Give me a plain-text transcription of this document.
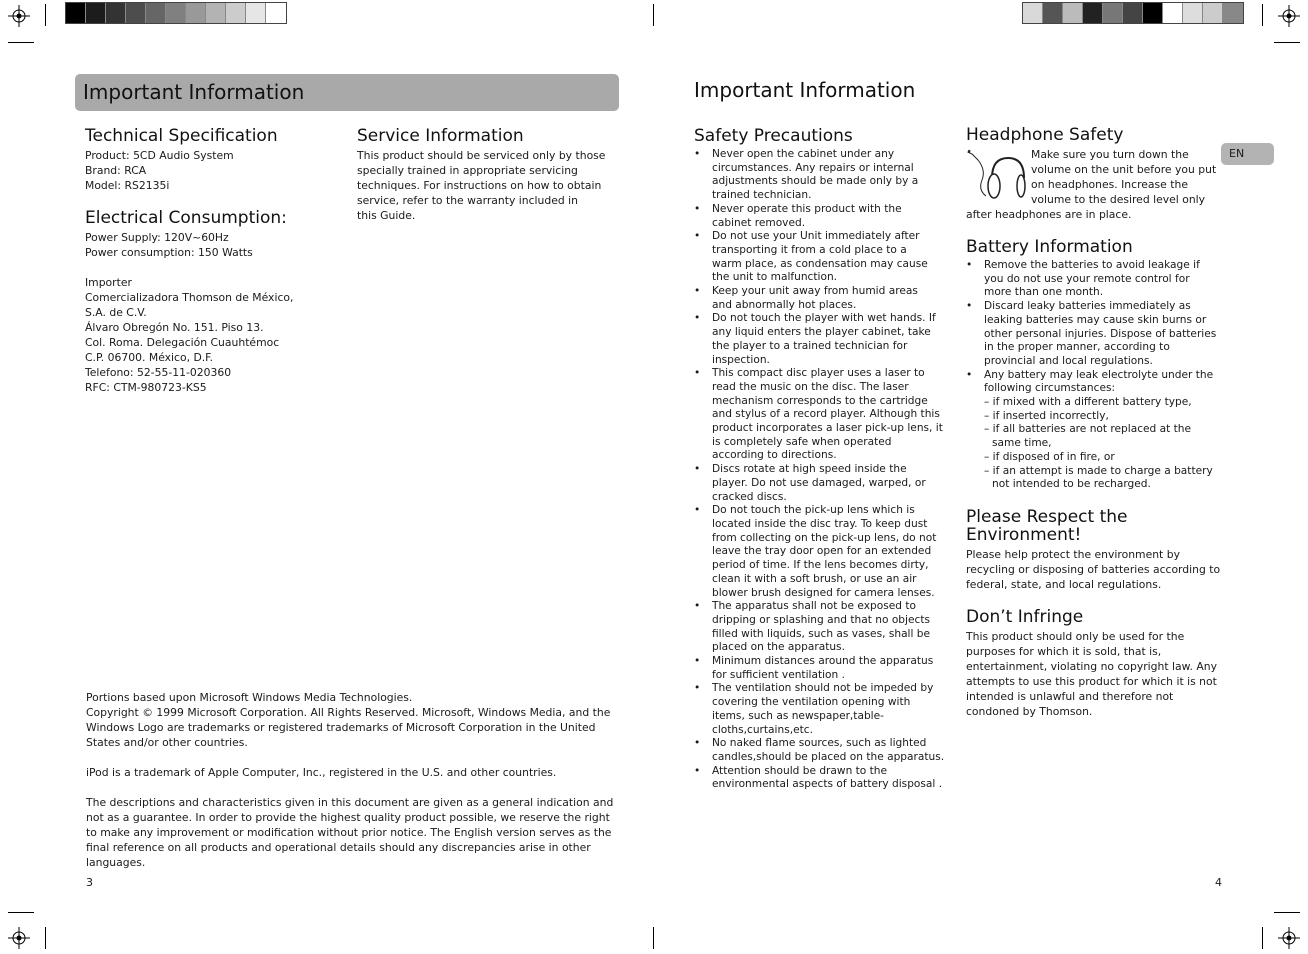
Important Information
Technical Specification
Product: 5CD Audio System
Brand: RCA
Model: RS2135i
Electrical Consumption:
Power Supply: 120V~60Hz
Power consumption: 150 Watts

Importer
Comercializadora Thomson de México,
S.A. de C.V.
Álvaro Obregón No. 151. Piso 13.
Col. Roma. Delegación Cuauhtémoc
C.P. 06700. México, D.F.
Telefono: 52-55-11-020360
RFC: CTM-980723-KS5
Service Information
This product should be serviced only by those
specially trained in appropriate servicing
techniques. For instructions on how to obtain
service, refer to the warranty included in
this Guide.
Portions based upon Microsoft Windows Media Technologies.
Copyright © 1999 Microsoft Corporation. All Rights Reserved. Microsoft, Windows Media, and the
Windows Logo are trademarks or registered trademarks of Microsoft Corporation in the United
States and/or other countries.

iPod is a trademark of Apple Computer, Inc., registered in the U.S. and other countries.

The descriptions and characteristics given in this document are given as a general indication and
not as a guarantee. In order to provide the highest quality product possible, we reserve the right
to make any improvement or modification without prior notice. The English version serves as the
final reference on all products and operational details should any discrepancies arise in other
languages.
3
Important Information
Safety Precautions
• Never open the cabinet under any
circumstances. Any repairs or internal
adjustments should be made only by a
trained technician.
• Never operate this product with the
cabinet removed.
• Do not use your Unit immediately after
transporting it from a cold place to a
warm place, as condensation may cause
the unit to malfunction.
• Keep your unit away from humid areas
and abnormally hot places.
• Do not touch the player with wet hands. If
any liquid enters the player cabinet, take
the player to a trained technician for
inspection.
• This compact disc player uses a laser to
read the music on the disc. The laser
mechanism corresponds to the cartridge
and stylus of a record player. Although this
product incorporates a laser pick-up lens, it
is completely safe when operated
according to directions.
• Discs rotate at high speed inside the
player. Do not use damaged, warped, or
cracked discs.
• Do not touch the pick-up lens which is
located inside the disc tray. To keep dust
from collecting on the pick-up lens, do not
leave the tray door open for an extended
period of time. If the lens becomes dirty,
clean it with a soft brush, or use an air
blower brush designed for camera lenses.
• The apparatus shall not be exposed to
dripping or splashing and that no objects
filled with liquids, such as vases, shall be
placed on the apparatus.
• Minimum distances around the apparatus
for sufficient ventilation .
• The ventilation should not be impeded by
covering the ventilation opening with
items, such as newspaper,table-
cloths,curtains,etc.
• No naked flame sources, such as lighted
candles,should be placed on the apparatus.
• Attention should be drawn to the
environmental aspects of battery disposal .
Headphone Safety
Make sure you turn down the
volume on the unit before you put
on headphones. Increase the
volume to the desired level only
after headphones are in place.
Battery Information
• Remove the batteries to avoid leakage if
you do not use your remote control for
more than one month.
• Discard leaky batteries immediately as
leaking batteries may cause skin burns or
other personal injuries. Dispose of batteries
in the proper manner, according to
provincial and local regulations.
• Any battery may leak electrolyte under the
following circumstances:
– if mixed with a different battery type,
– if inserted incorrectly,
– if all batteries are not replaced at the same time,
– if disposed of in fire, or
– if an attempt is made to charge a battery not intended to be recharged.
Please Respect the
Environment!
Please help protect the environment by
recycling or disposing of batteries according to
federal, state, and local regulations.
Don’t Infringe
This product should only be used for the
purposes for which it is sold, that is,
entertainment, violating no copyright law. Any
attempts to use this product for which it is not
intended is unlawful and therefore not
condoned by Thomson.
EN
4
